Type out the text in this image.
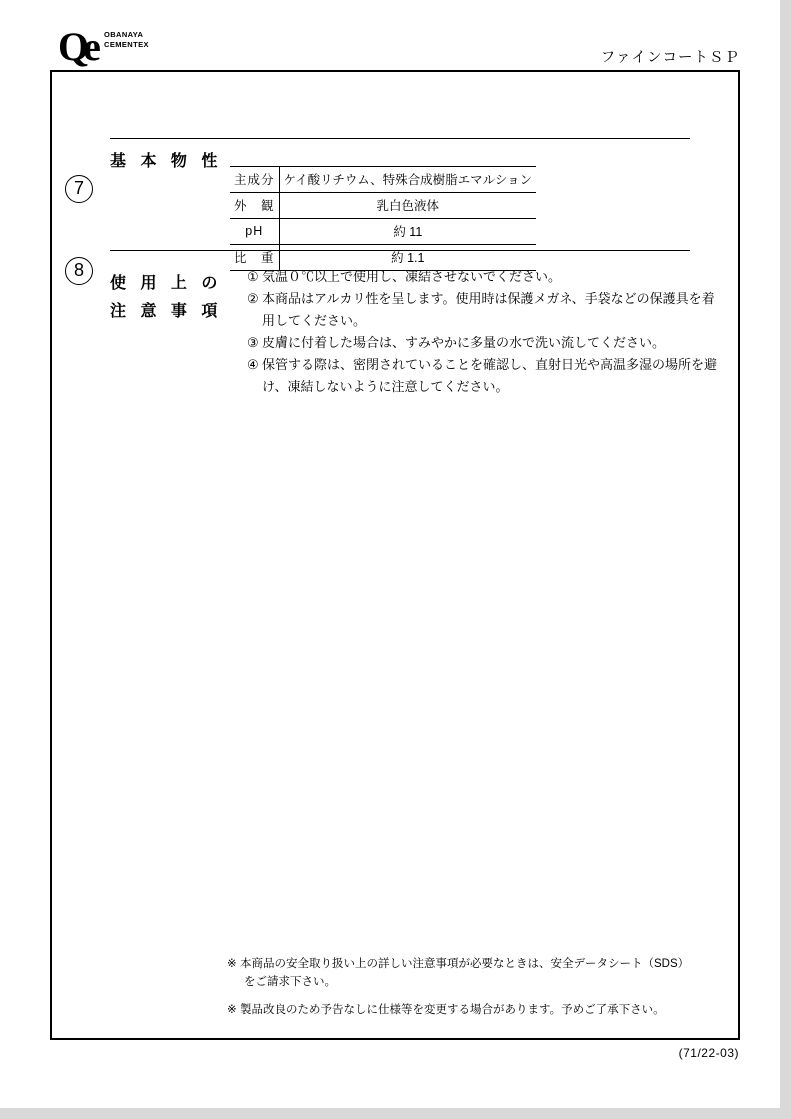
Qe	OBANAYA
CEMENTEX
ファインコートＳＰ
7
基 本 物 性
主成分	ケイ酸リチウム、特殊合成樹脂エマルション
外　観	乳白色液体
pH	約 11
比　重	約 1.1
8
使 用 上 の
注 意 事 項
① 気温０℃以上で使用し、凍結させないでください。
② 本商品はアルカリ性を呈します。使用時は保護メガネ、手袋などの保護具を着用してください。
③ 皮膚に付着した場合は、すみやかに多量の水で洗い流してください。
④ 保管する際は、密閉されていることを確認し、直射日光や高温多湿の場所を避け、凍結しないように注意してください。
※ 本商品の安全取り扱い上の詳しい注意事項が必要なときは、安全データシート（SDS）
をご請求下さい。
※ 製品改良のため予告なしに仕様等を変更する場合があります。予めご了承下さい。
(71/22-03)
